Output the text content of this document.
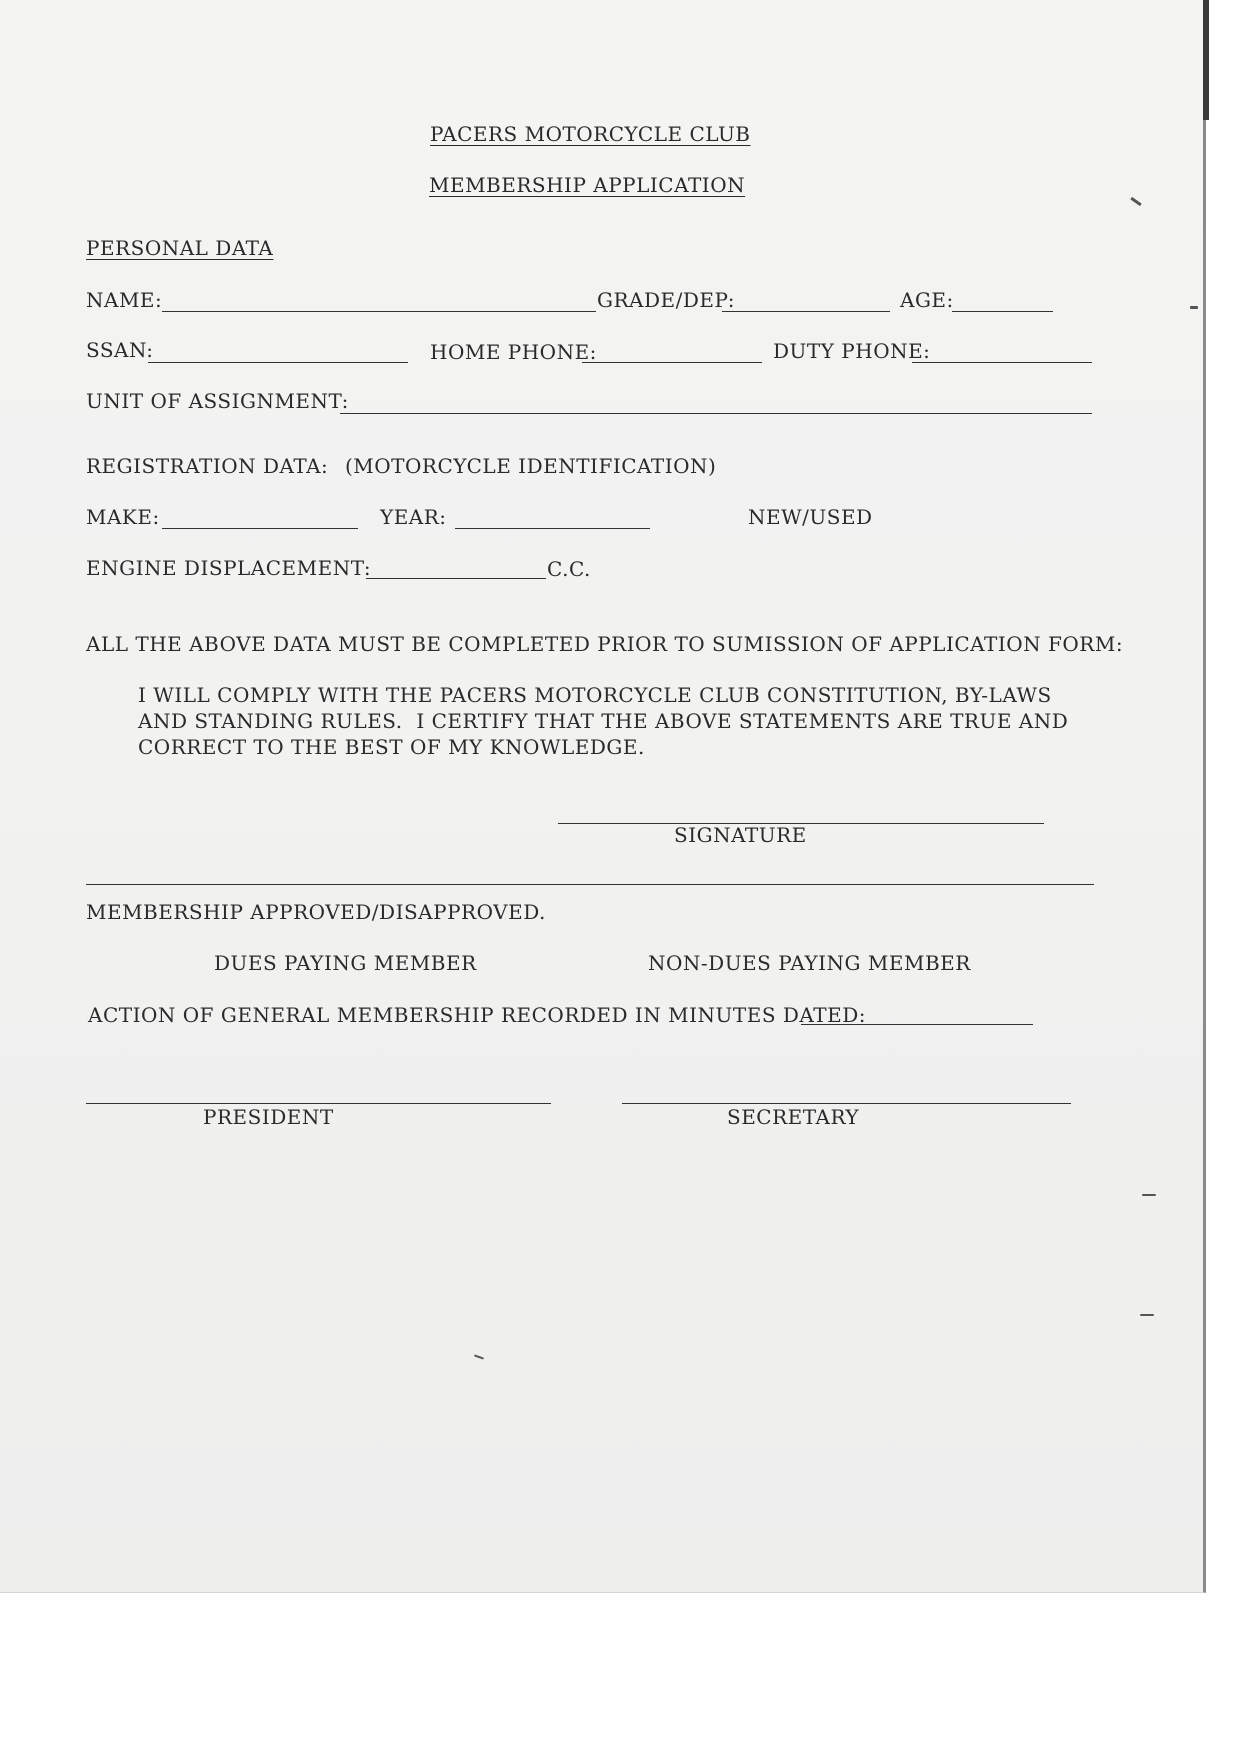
PACERS MOTORCYCLE CLUB
MEMBERSHIP APPLICATION
PERSONAL DATA
NAME:	GRADE/DEP:	AGE:
SSAN:	HOME PHONE:	DUTY PHONE:
UNIT OF ASSIGNMENT:
REGISTRATION DATA: (MOTORCYCLE IDENTIFICATION)
MAKE:	YEAR:	NEW/USED
ENGINE DISPLACEMENT:	C.C.
ALL THE ABOVE DATA MUST BE COMPLETED PRIOR TO SUMISSION OF APPLICATION FORM:
I WILL COMPLY WITH THE PACERS MOTORCYCLE CLUB CONSTITUTION, BY-LAWS
AND STANDING RULES.  I CERTIFY THAT THE ABOVE STATEMENTS ARE TRUE AND
CORRECT TO THE BEST OF MY KNOWLEDGE.
SIGNATURE
MEMBERSHIP APPROVED/DISAPPROVED.
DUES PAYING MEMBER	NON-DUES PAYING MEMBER
ACTION OF GENERAL MEMBERSHIP RECORDED IN MINUTES DATED:
PRESIDENT	SECRETARY
